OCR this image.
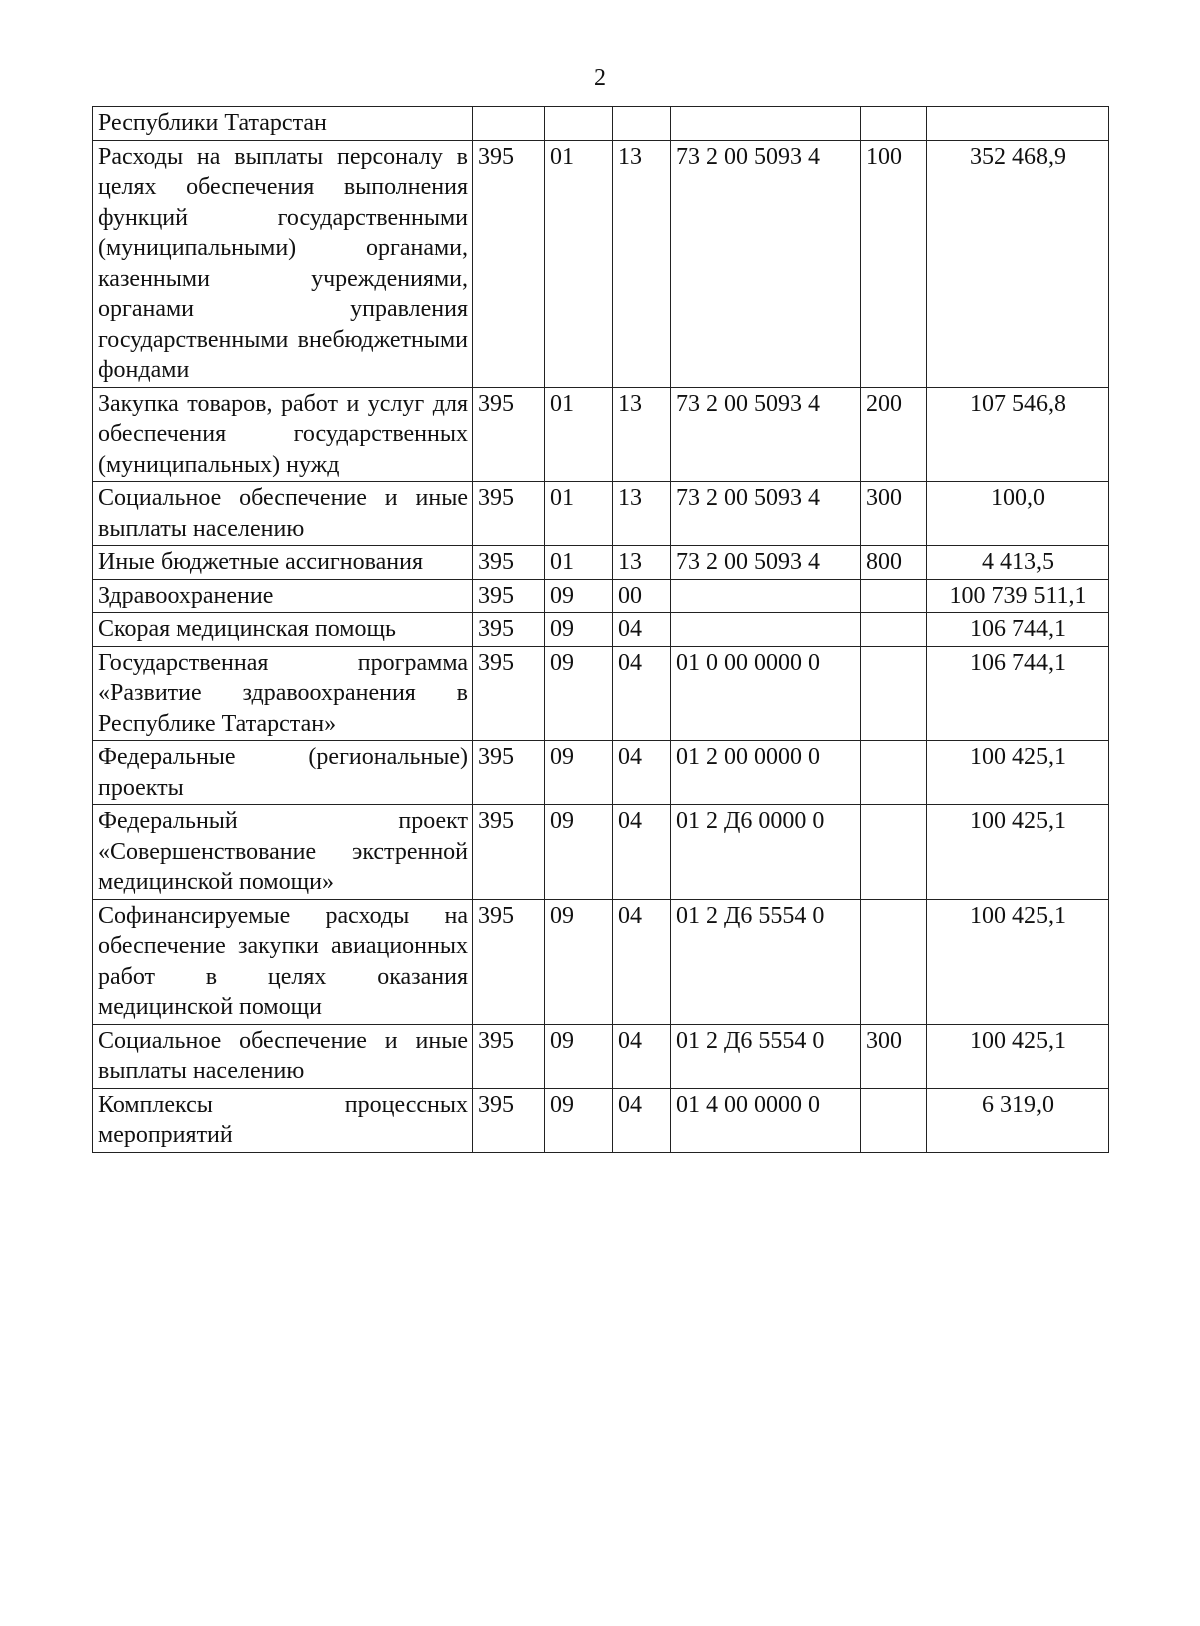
2
Республики Татарстан						
Расходы на выплаты персоналу в целях обеспечения выполнения функций государственными (муниципальными) органами, казенными учреждениями, органами управления государственными внебюджетными фондами	395	01	13	73 2 00 5093 4	100	352 468,9
Закупка товаров, работ и услуг для обеспечения государственных (муниципальных) нужд	395	01	13	73 2 00 5093 4	200	107 546,8
Социальное обеспечение и иные выплаты населению	395	01	13	73 2 00 5093 4	300	100,0
Иные бюджетные ассигнования	395	01	13	73 2 00 5093 4	800	4 413,5
Здравоохранение	395	09	00			100 739 511,1
Скорая медицинская помощь	395	09	04			106 744,1
Государственная программа «Развитие здравоохранения в Республике Татарстан»	395	09	04	01 0 00 0000 0		106 744,1
Федеральные (региональные) проекты	395	09	04	01 2 00 0000 0		100 425,1
Федеральный проект «Совершенствование экстренной медицинской помощи»	395	09	04	01 2 Д6 0000 0		100 425,1
Софинансируемые расходы на обеспечение закупки авиационных работ в целях оказания медицинской помощи	395	09	04	01 2 Д6 5554 0		100 425,1
Социальное обеспечение и иные выплаты населению	395	09	04	01 2 Д6 5554 0	300	100 425,1
Комплексы процессных мероприятий	395	09	04	01 4 00 0000 0		6 319,0
